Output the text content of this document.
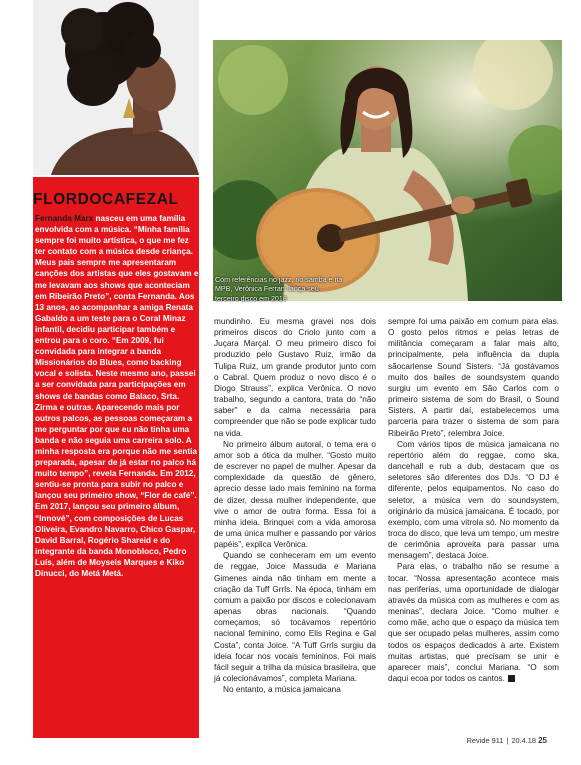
FLORDOCAFEZAL
Fernanda Marx nasceu em uma família envolvida com a música. “Minha família sempre foi muito artística, o que me fez ter contato com a música desde criança. Meus pais sempre me apresentaram canções dos artistas que eles gostavam e me levavam aos shows que aconteciam em Ribeirão Preto”, conta Fernanda. Aos 13 anos, ao acompanhar a amiga Renata Gabaldo a um teste para o Coral Minaz infantil, decidiu participar também e entrou para o coro. “Em 2009, fui convidada para integrar a banda Missionários do Blues, como backing vocal e solista. Neste mesmo ano, passei a ser convidada para participações em shows de bandas como Balaco, Srta. Zirma e outras. Aparecendo mais por outros palcos, as pessoas começaram a me perguntar por que eu não tinha uma banda e não seguia uma carreira solo. A minha resposta era porque não me sentia preparada, apesar de já estar no palco há muito tempo”, revela Fernanda. Em 2012, sentiu-se pronta para subir no palco e lançou seu primeiro show, “Flor de café”. Em 2017, lançou seu primeiro álbum, “Innové”, com composições de Lucas Oliveira, Evandro Navarro, Chico Gaspar, David Barral, Rogério Shareid e do integrante da banda Monobloco, Pedro Luís, além de Moyseis Marques e Kiko Dinucci, do Metá Metá.
Com referências no jazz, no samba e na MPB, Verônica Ferrani lança seu terceiro disco em 2018

mundinho. Eu mesma gravei nos dois primeiros discos do Criolo junto com a Juçara Marçal. O meu primeiro disco foi produzido pelo Gustavo Ruiz, irmão da Tulipa Ruiz, um grande produtor junto com o Cabral. Quem produz o novo disco é o Diogo Strauss”, explica Verônica. O novo trabalho, segundo a cantora, trata do “não saber” e da calma necessária para compreender que não se pode explicar tudo na vida.

No primeiro álbum autoral, o tema era o amor sob a ótica da mulher. “Gosto muito de escrever no papel de mulher. Apesar da complexidade da questão de gênero, aprecio desse lado mais feminino na forma de dizer, dessa mulher independente, que vive o amor de outra forma. Essa foi a minha ideia. Brinquei com a vida amorosa de uma única mulher e passando por vários papéis”, explica Verônica.

Quando se conheceram em um evento de reggae, Joice Massuda e Mariana Gimenes ainda não tinham em mente a criação da Tuff Grrls. Na época, tinham em comum a paixão por discos e colecionavam apenas obras nacionais. “Quando começamos, só tocávamos repertório nacional feminino, como Elis Regina e Gal Costa”, conta Joice. “A Tuff Grrls surgiu da ideia focar nos vocais femininos. Foi mais fácil seguir a trilha da música brasileira, que já colecionávamos”, completa Mariana.

No entanto, a música jamaicana

sempre foi uma paixão em comum para elas. O gosto pelos ritmos e pelas letras de militância começaram a falar mais alto, principalmente, pela influência da dupla sãocarlense Sound Sisters. “Já gostávamos muito dos bailes de soundsystem quando surgiu um evento em São Carlos com o primeiro sistema de som do Brasil, o Sound Sisters. A partir daí, estabelecemos uma parceria para trazer o sistema de som para Ribeirão Preto”, relembra Joice.

Com vários tipos de música jamaicana no repertório além do reggae, como ska, dancehall e rub a dub, destacam que os seletores são diferentes dos DJs. “O DJ é diferente, pelos equipamentos. No caso do seletor, a música vem do soundsystem, originário da música jamaicana. É tocado, por exemplo, com uma vitrola só. No momento da troca do disco, que leva um tempo, um mestre de cerimônia aproveita para passar uma mensagem”, destaca Joice.

Para elas, o trabalho não se resume a tocar. “Nossa apresentação acontece mais nas periferias, uma oportunidade de dialogar através da música com as mulheres e com as meninas”, declara Joice. “Como mulher e como mãe, acho que o espaço da música tem que ser ocupado pelas mulheres, assim como todos os espaços dedicados à arte. Existem muitas artistas, que precisam se unir e aparecer mais”, conclui Mariana. “O som daqui ecoa por todos os cantos.

Revide 911 | 20.4.18 25
